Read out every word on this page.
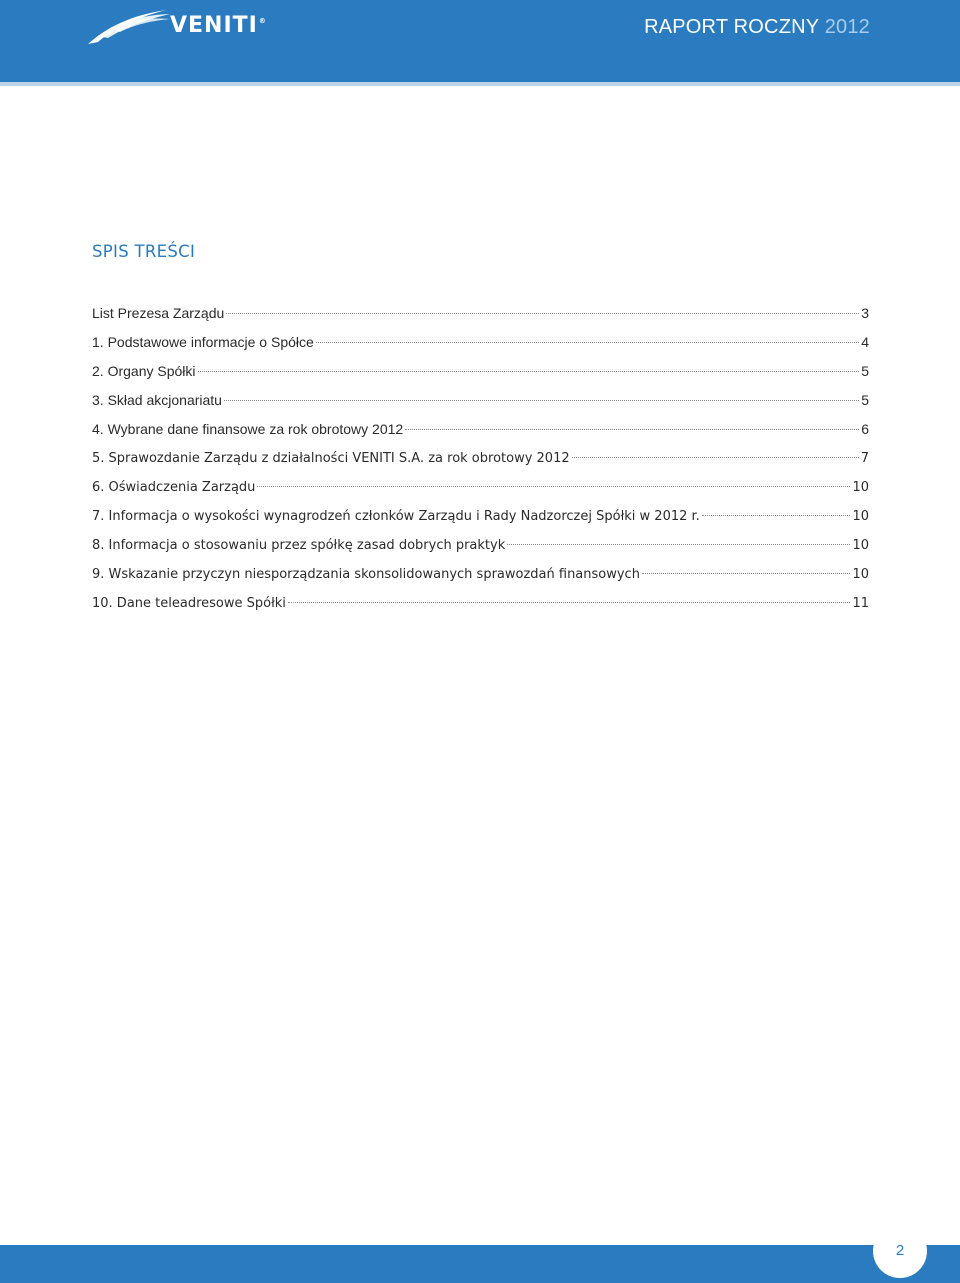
VENITI®	RAPORT ROCZNY 2012
SPIS TREŚCI
List Prezesa Zarządu	3
1. Podstawowe informacje o Spółce	4
2. Organy Spółki	5
3. Skład akcjonariatu	5
4. Wybrane dane finansowe za rok obrotowy 2012	6
5. Sprawozdanie Zarządu z działalności VENITI S.A. za rok obrotowy 2012	7
6. Oświadczenia Zarządu	10
7. Informacja o wysokości wynagrodzeń członków Zarządu i Rady Nadzorczej Spółki w 2012 r.	10
8. Informacja o stosowaniu przez spółkę zasad dobrych praktyk	10
9. Wskazanie przyczyn niesporządzania skonsolidowanych sprawozdań finansowych	10
10. Dane teleadresowe Spółki	11
2
